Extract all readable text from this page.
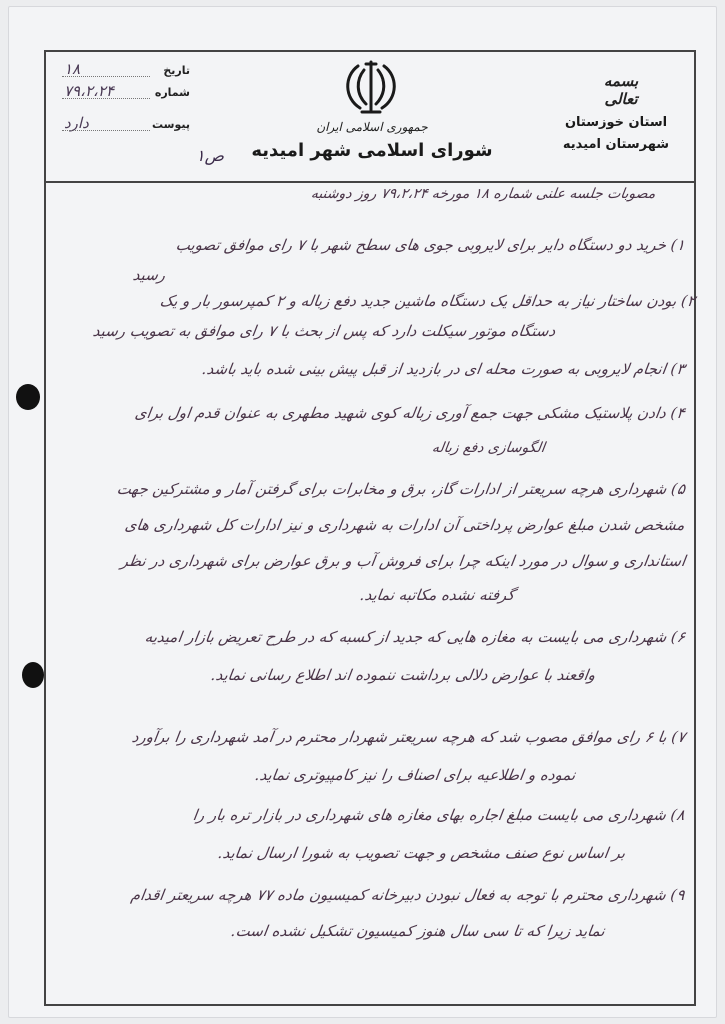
تاریخ
۱۸
شماره
۷۹،۲،۲۴
پیوست
دارد	جمهوری اسلامی ایران
شورای اسلامی شهر امیدیه
بسمه تعالی
استان خوزستان
شهرستان امیدیه
ص۱
مصوبات جلسه علنی شماره ۱۸ مورخه ۷۹،۲،۲۴ روز دوشنبه
۱) خرید دو دستگاه دایر برای لایروبی جوی های سطح شهر با ۷ رای موافق تصویب
رسید
۲) بودن ساختار نیاز به حداقل یک دستگاه ماشین جدید دفع زباله و ۲ کمپرسور بار و یک
دستگاه موتور سیکلت دارد که پس از بحث با ۷ رای موافق به تصویب رسید
۳) انجام لایروبی به صورت محله ای در بازدید از قبل پیش بینی شده باید باشد.
۴) دادن پلاستیک مشکی جهت جمع آوری زباله کوی شهید مطهری به عنوان قدم اول برای
الگوسازی دفع زباله
۵) شهرداری هرچه سریعتر از ادارات گاز، برق و مخابرات برای گرفتن آمار و مشترکین جهت
مشخص شدن مبلغ عوارض پرداختی آن ادارات به شهرداری و نیز ادارات کل شهرداری های
استانداری و سوال در مورد اینکه چرا برای فروش آب و برق عوارض برای شهرداری در نظر
گرفته نشده مکاتبه نماید.
۶) شهرداری می بایست به مغازه هایی که جدید از کسبه که در طرح تعریض بازار امیدیه
واقعند با عوارض دلالی برداشت ننموده اند اطلاع رسانی نماید.
۷) با ۶ رای موافق مصوب شد که هرچه سریعتر شهردار محترم در آمد شهرداری را برآورد
نموده و اطلاعیه برای اصناف را نیز کامپیوتری نماید.
۸) شهرداری می بایست مبلغ اجاره بهای مغازه های شهرداری در بازار تره بار را
بر اساس نوع صنف مشخص و جهت تصویب به شورا ارسال نماید.
۹) شهرداری محترم با توجه به فعال نبودن دبیرخانه کمیسیون ماده ۷۷ هرچه سریعتر اقدام
نماید زیرا که تا سی سال هنوز کمیسیون تشکیل نشده است.
